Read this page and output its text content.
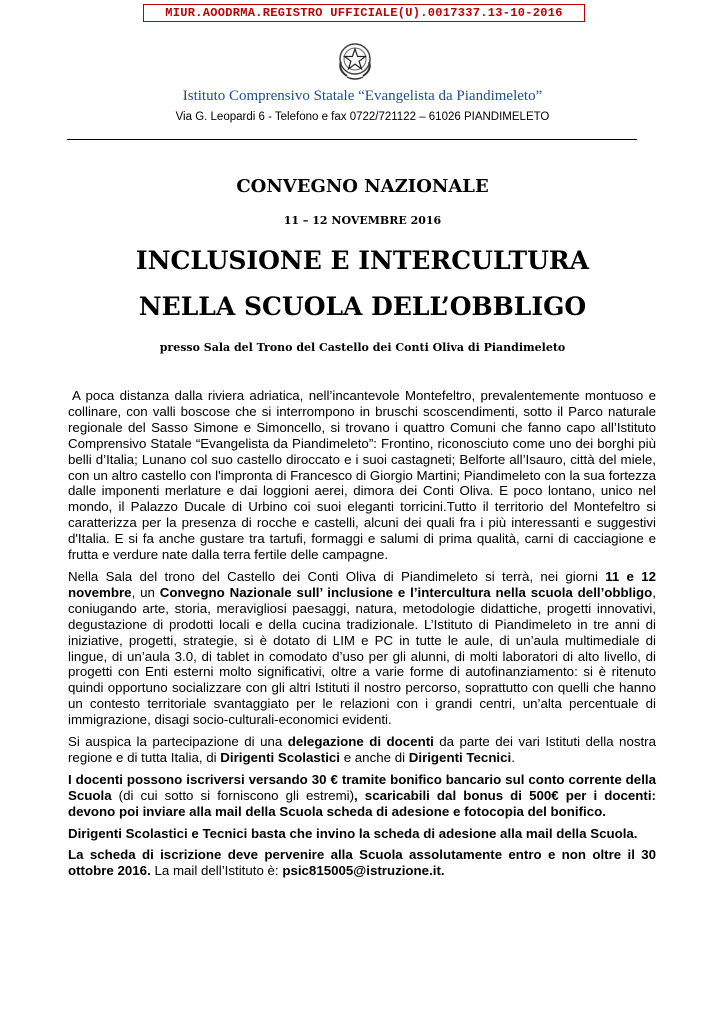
MIUR.AOODRMA.REGISTRO UFFICIALE(U).0017337.13-10-2016
Istituto Comprensivo Statale “Evangelista da Piandimeleto”
Via G. Leopardi 6 - Telefono e fax 0722/721122 – 61026 PIANDIMELETO
CONVEGNO NAZIONALE
11 – 12 NOVEMBRE 2016
INCLUSIONE E INTERCULTURA
NELLA SCUOLA DELL’OBBLIGO
presso Sala del Trono del Castello dei Conti Oliva di Piandimeleto

A poca distanza dalla riviera adriatica, nell’incantevole Montefeltro, prevalentemente montuoso e collinare, con valli boscose che si interrompono in bruschi scoscendimenti, sotto il Parco naturale regionale del Sasso Simone e Simoncello, si trovano i quattro Comuni che fanno capo all’Istituto Comprensivo Statale “Evangelista da Piandimeleto”: Frontino, riconosciuto come uno dei borghi più belli d’Italia; Lunano col suo castello diroccato e i suoi castagneti; Belforte all’Isauro, città del miele, con un altro castello con l'impronta di Francesco di Giorgio Martini; Piandimeleto con la sua fortezza dalle imponenti merlature e dai loggioni aerei, dimora dei Conti Oliva. E poco lontano, unico nel mondo, il Palazzo Ducale di Urbino coi suoi eleganti torricini.Tutto il territorio del Montefeltro si caratterizza per la presenza di rocche e castelli, alcuni dei quali fra i più interessanti e suggestivi d'Italia. E si fa anche gustare tra tartufi, formaggi e salumi di prima qualità, carni di cacciagione e frutta e verdure nate dalla terra fertile delle campagne.

Nella Sala del trono del Castello dei Conti Oliva di Piandimeleto si terrà, nei giorni 11 e 12 novembre, un Convegno Nazionale sull’ inclusione e l’intercultura nella scuola dell’obbligo, coniugando arte, storia, meravigliosi paesaggi, natura, metodologie didattiche, progetti innovativi, degustazione di prodotti locali e della cucina tradizionale. L’Istituto di Piandimeleto in tre anni di iniziative, progetti, strategie, si è dotato di LIM e PC in tutte le aule, di un’aula multimediale di lingue, di un’aula 3.0, di tablet in comodato d’uso per gli alunni, di molti laboratori di alto livello, di progetti con Enti esterni molto significativi, oltre a varie forme di autofinanziamento: si è ritenuto quindi opportuno socializzare con gli altri Istituti il nostro percorso, soprattutto con quelli che hanno un contesto territoriale svantaggiato per le relazioni con i grandi centri, un’alta percentuale di immigrazione, disagi socio-culturali-economici evidenti.

Si auspica la partecipazione di una delegazione di docenti da parte dei vari Istituti della nostra regione e di tutta Italia, di Dirigenti Scolastici e anche di Dirigenti Tecnici.

I docenti possono iscriversi versando 30 € tramite bonifico bancario sul conto corrente della Scuola (di cui sotto si forniscono gli estremi), scaricabili dal bonus di 500€ per i docenti: devono poi inviare alla mail della Scuola scheda di adesione e fotocopia del bonifico.

Dirigenti Scolastici e Tecnici basta che invino la scheda di adesione alla mail della Scuola.

La scheda di iscrizione deve pervenire alla Scuola assolutamente entro e non oltre il 30 ottobre 2016. La mail dell’Istituto è: psic815005@istruzione.it.
